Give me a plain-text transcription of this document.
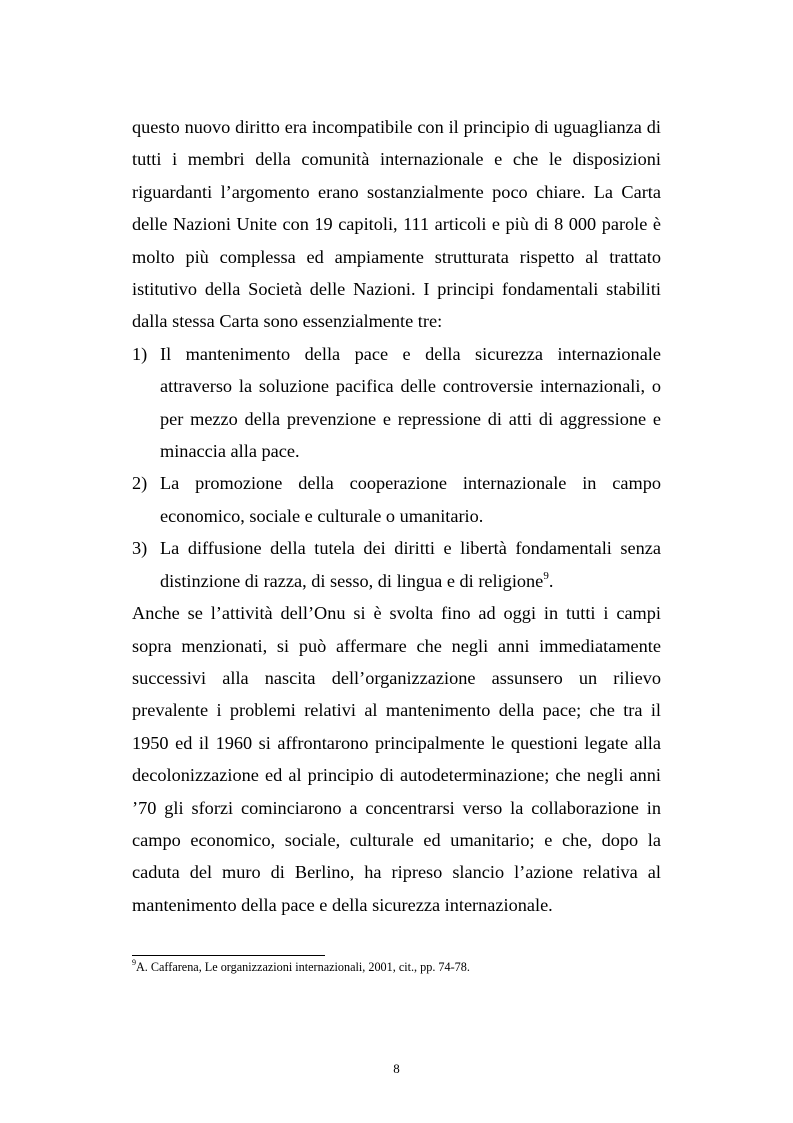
questo nuovo diritto era incompatibile con il principio di uguaglianza di tutti i membri della comunità internazionale e che le disposizioni riguardanti l’argomento erano sostanzialmente poco chiare. La Carta delle Nazioni Unite con 19 capitoli, 111 articoli e più di 8 000 parole è molto più complessa ed ampiamente strutturata rispetto al trattato istitutivo della Società delle Nazioni. I principi fondamentali stabiliti dalla stessa Carta sono essenzialmente tre:

1) Il mantenimento della pace e della sicurezza internazionale attraverso la soluzione pacifica delle controversie internazionali, o per mezzo della prevenzione e repressione di atti di aggressione e minaccia alla pace.
2) La promozione della cooperazione internazionale in campo economico, sociale e culturale o umanitario.
3) La diffusione della tutela dei diritti e libertà fondamentali senza distinzione di razza, di sesso, di lingua e di religione$^9$.

Anche se l’attività dell’Onu si è svolta fino ad oggi in tutti i campi sopra menzionati, si può affermare che negli anni immediatamente successivi alla nascita dell’organizzazione assunsero un rilievo prevalente i problemi relativi al mantenimento della pace; che tra il 1950 ed il 1960 si affrontarono principalmente le questioni legate alla decolonizzazione ed al principio di autodeterminazione; che negli anni ’70 gli sforzi cominciarono a concentrarsi verso la collaborazione in campo economico, sociale, culturale ed umanitario; e che, dopo la caduta del muro di Berlino, ha ripreso slancio l’azione relativa al mantenimento della pace e della sicurezza internazionale.

$^9$A. Caffarena, Le organizzazioni internazionali, 2001, cit., pp. 74-78.
8
